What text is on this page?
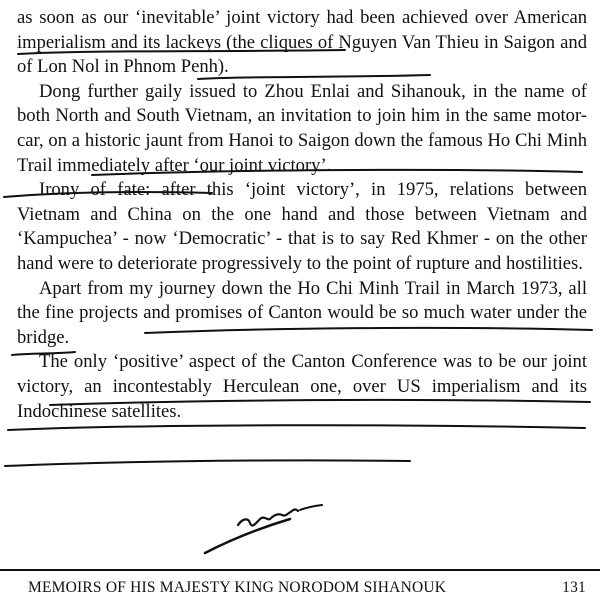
as soon as our ‘inevitable’ joint victory had been achieved over American imperialism and its lackeys (the cliques of Nguyen Van Thieu in Saigon and of Lon Nol in Phnom Penh).

Dong further gaily issued to Zhou Enlai and Sihanouk, in the name of both North and South Vietnam, an invitation to join him in the same motor-car, on a historic jaunt from Hanoi to Saigon down the famous Ho Chi Minh Trail immediately after ‘our joint victory’.

Irony of fate: after this ‘joint victory’, in 1975, relations between Vietnam and China on the one hand and those between Vietnam and ‘Kampuchea’ - now ‘Democratic’ - that is to say Red Khmer - on the other hand were to deteriorate progressively to the point of rupture and hostilities.

Apart from my journey down the Ho Chi Minh Trail in March 1973, all the fine projects and promises of Canton would be so much water under the bridge.

The only ‘positive’ aspect of the Canton Conference was to be our joint victory, an incontestably Herculean one, over US imperialism and its Indochinese satellites.

MEMOIRS OF HIS MAJESTY KING NORODOM SIHANOUK	131
